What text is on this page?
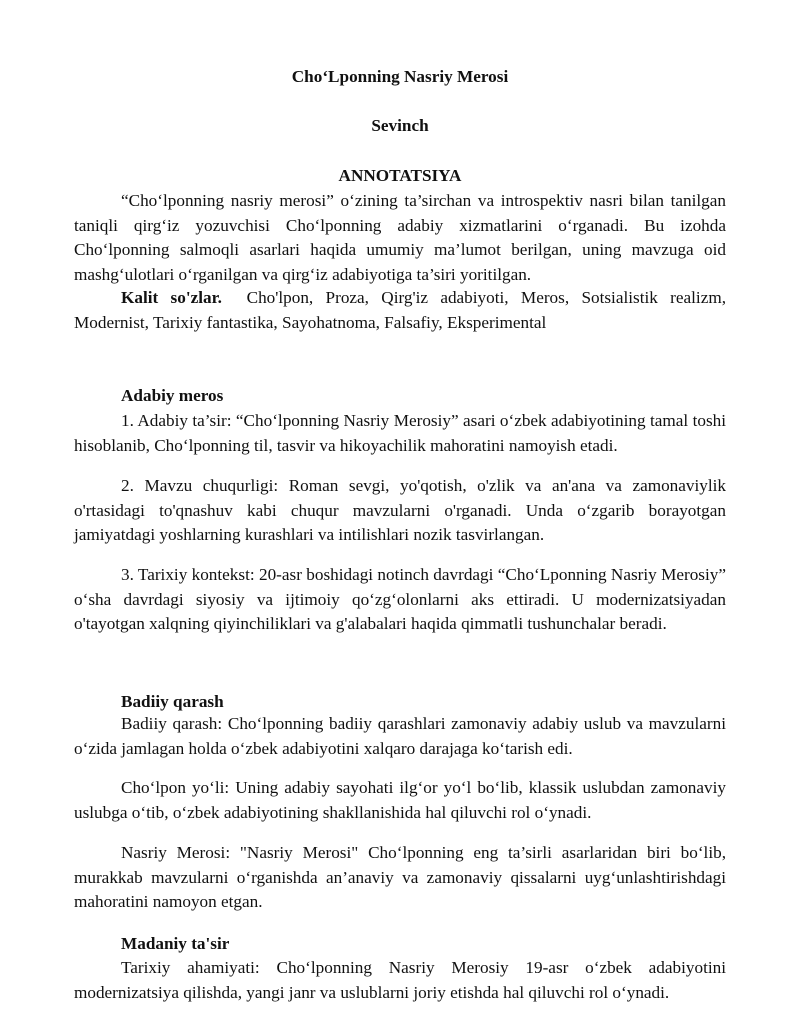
Cho‘Lponning Nasriy Merosi
Sevinch
ANNOTATSIYA
“Cho‘lponning nasriy merosi” o‘zining ta’sirchan va introspektiv nasri bilan tanilgan taniqli qirg‘iz yozuvchisi Cho‘lponning adabiy xizmatlarini o‘rganadi. Bu izohda Cho‘lponning salmoqli asarlari haqida umumiy ma’lumot berilgan, uning mavzuga oid mashg‘ulotlari o‘rganilgan va qirg‘iz adabiyotiga ta’siri yoritilgan.
Kalit so'zlar. Cho'lpon, Proza, Qirg'iz adabiyoti, Meros, Sotsialistik realizm, Modernist, Tarixiy fantastika, Sayohatnoma, Falsafiy, Eksperimental
Adabiy meros
1. Adabiy ta’sir: “Cho‘lponning Nasriy Merosiy” asari o‘zbek adabiyotining tamal toshi hisoblanib, Cho‘lponning til, tasvir va hikoyachilik mahoratini namoyish etadi.
2. Mavzu chuqurligi: Roman sevgi, yo'qotish, o'zlik va an'ana va zamonaviylik o'rtasidagi to'qnashuv kabi chuqur mavzularni o'rganadi. Unda o‘zgarib borayotgan jamiyatdagi yoshlarning kurashlari va intilishlari nozik tasvirlangan.
3. Tarixiy kontekst: 20-asr boshidagi notinch davrdagi “Cho‘Lponning Nasriy Merosiy” o‘sha davrdagi siyosiy va ijtimoiy qo‘zg‘olonlarni aks ettiradi. U modernizatsiyadan o'tayotgan xalqning qiyinchiliklari va g'alabalari haqida qimmatli tushunchalar beradi.
Badiiy qarash
Badiiy qarash: Cho‘lponning badiiy qarashlari zamonaviy adabiy uslub va mavzularni o‘zida jamlagan holda o‘zbek adabiyotini xalqaro darajaga ko‘tarish edi.
Cho‘lpon yo‘li: Uning adabiy sayohati ilg‘or yo‘l bo‘lib, klassik uslubdan zamonaviy uslubga o‘tib, o‘zbek adabiyotining shakllanishida hal qiluvchi rol o‘ynadi.
Nasriy Merosi: "Nasriy Merosi" Cho‘lponning eng ta’sirli asarlaridan biri bo‘lib, murakkab mavzularni o‘rganishda an’anaviy va zamonaviy qissalarni uyg‘unlashtirishdagi mahoratini namoyon etgan.
Madaniy ta'sir
Tarixiy ahamiyati: Cho‘lponning Nasriy Merosiy 19-asr o‘zbek adabiyotini modernizatsiya qilishda, yangi janr va uslublarni joriy etishda hal qiluvchi rol o‘ynadi.
